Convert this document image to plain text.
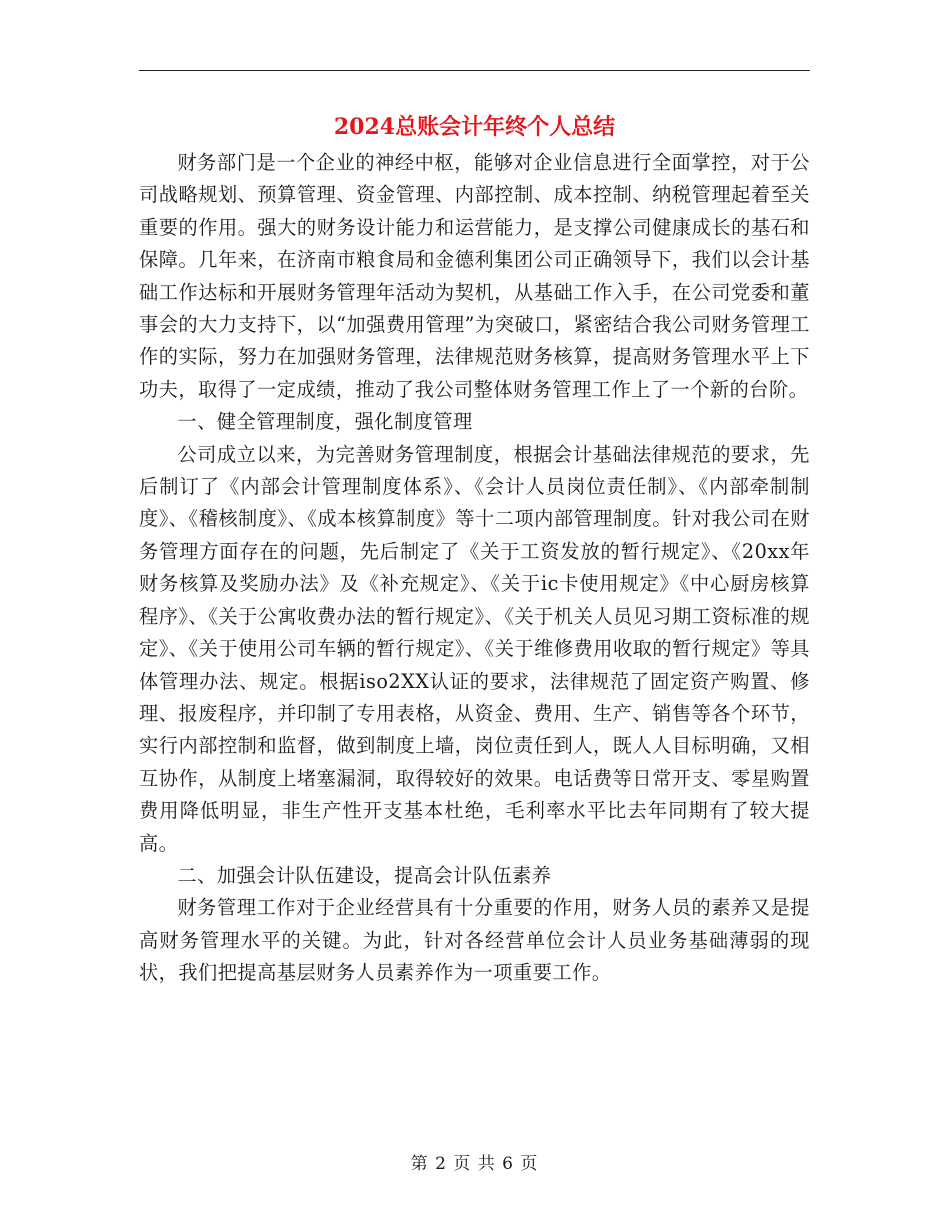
2024总账会计年终个人总结

财务部门是一个企业的神经中枢，能够对企业信息进行全面掌控，对于公司战略规划、预算管理、资金管理、内部控制、成本控制、纳税管理起着至关重要的作用。强大的财务设计能力和运营能力，是支撑公司健康成长的基石和保障。几年来，在济南市粮食局和金德利集团公司正确领导下，我们以会计基础工作达标和开展财务管理年活动为契机，从基础工作入手，在公司党委和董事会的大力支持下，以“加强费用管理”为突破口，紧密结合我公司财务管理工作的实际，努力在加强财务管理，法律规范财务核算，提高财务管理水平上下功夫，取得了一定成绩，推动了我公司整体财务管理工作上了一个新的台阶。

一、健全管理制度，强化制度管理

公司成立以来，为完善财务管理制度，根据会计基础法律规范的要求，先后制订了《内部会计管理制度体系》、《会计人员岗位责任制》、《内部牵制制度》、《稽核制度》、《成本核算制度》等十二项内部管理制度。针对我公司在财务管理方面存在的问题，先后制定了《关于工资发放的暂行规定》、《20xx年财务核算及奖励办法》及《补充规定》、《关于ic卡使用规定》《中心厨房核算程序》、《关于公寓收费办法的暂行规定》、《关于机关人员见习期工资标准的规定》、《关于使用公司车辆的暂行规定》、《关于维修费用收取的暂行规定》等具体管理办法、规定。根据iso2XX认证的要求，法律规范了固定资产购置、修理、报废程序，并印制了专用表格，从资金、费用、生产、销售等各个环节，实行内部控制和监督，做到制度上墙，岗位责任到人，既人人目标明确，又相互协作，从制度上堵塞漏洞，取得较好的效果。电话费等日常开支、零星购置费用降低明显，非生产性开支基本杜绝，毛利率水平比去年同期有了较大提高。

二、加强会计队伍建设，提高会计队伍素养

财务管理工作对于企业经营具有十分重要的作用，财务人员的素养又是提高财务管理水平的关键。为此，针对各经营单位会计人员业务基础薄弱的现状，我们把提高基层财务人员素养作为一项重要工作。

第 2 页 共 6 页
